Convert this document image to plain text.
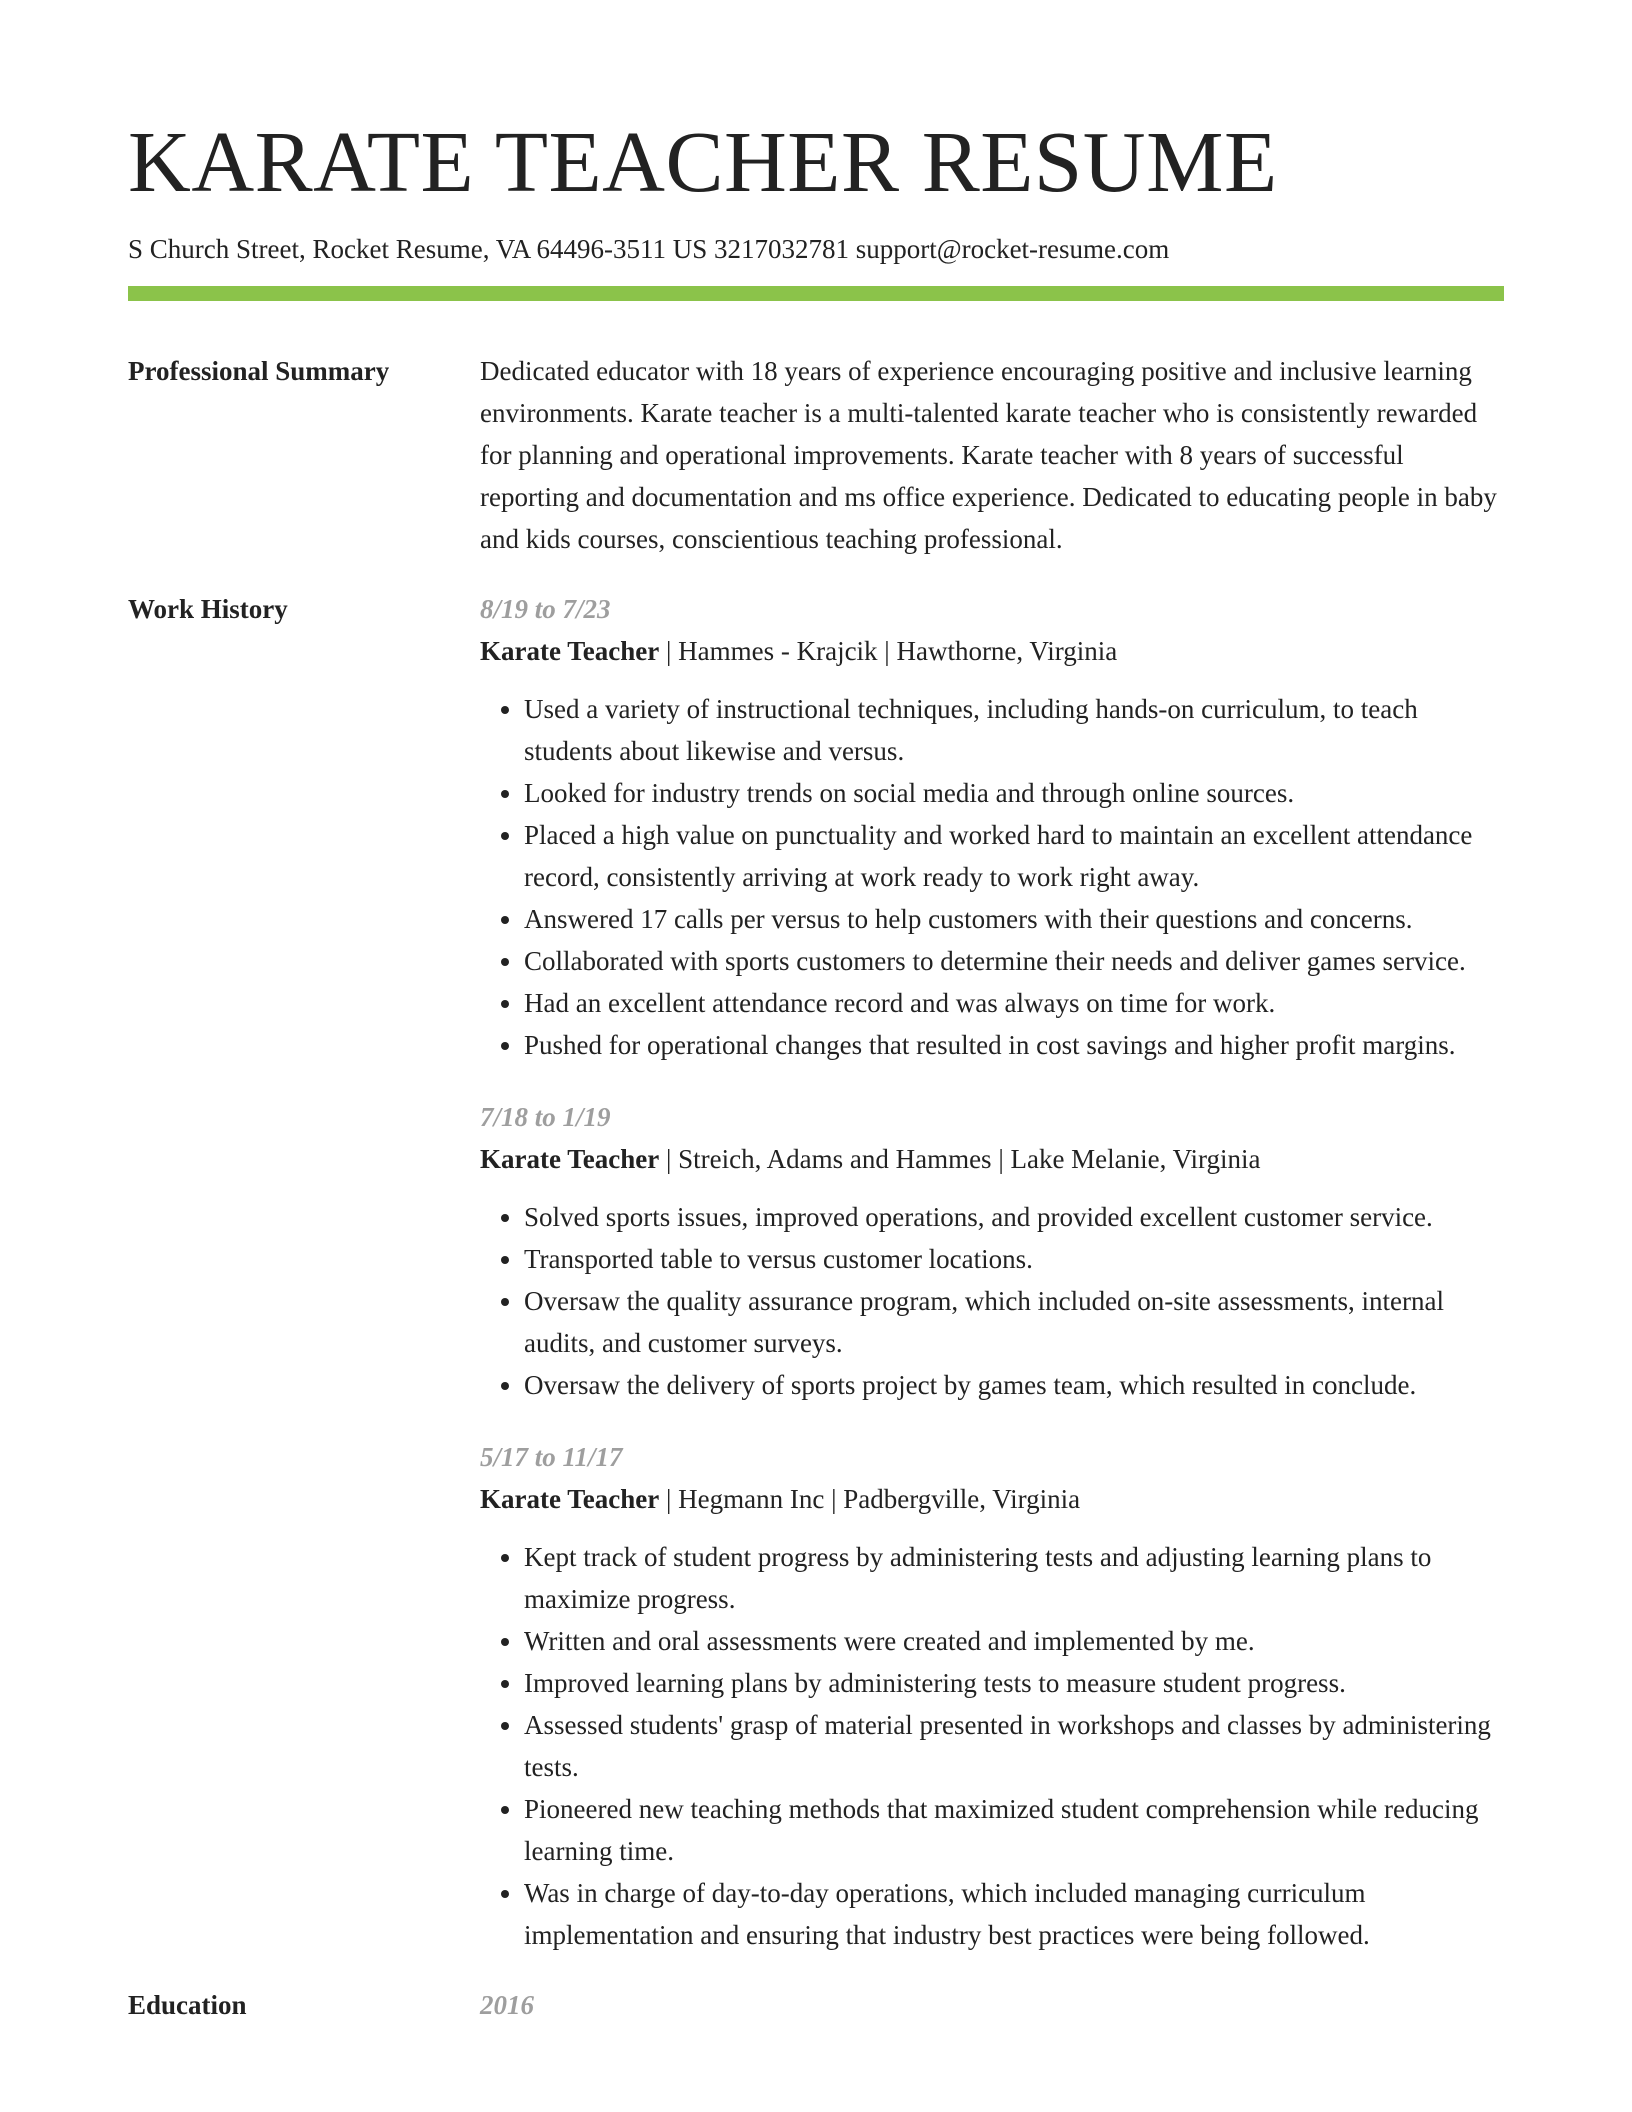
KARATE TEACHER RESUME
S Church Street, Rocket Resume, VA 64496-3511 US 3217032781 support@rocket-resume.com
Professional Summary	Dedicated educator with 18 years of experience encouraging positive and inclusive learning environments. Karate teacher is a multi-talented karate teacher who is consistently rewarded for planning and operational improvements. Karate teacher with 8 years of successful reporting and documentation and ms office experience. Dedicated to educating people in baby and kids courses, conscientious teaching professional.

Work History	8/19 to 7/23
Karate Teacher | Hammes - Krajcik | Hawthorne, Virginia
• Used a variety of instructional techniques, including hands-on curriculum, to teach students about likewise and versus.
• Looked for industry trends on social media and through online sources.
• Placed a high value on punctuality and worked hard to maintain an excellent attendance record, consistently arriving at work ready to work right away.
• Answered 17 calls per versus to help customers with their questions and concerns.
• Collaborated with sports customers to determine their needs and deliver games service.
• Had an excellent attendance record and was always on time for work.
• Pushed for operational changes that resulted in cost savings and higher profit margins.
7/18 to 1/19
Karate Teacher | Streich, Adams and Hammes | Lake Melanie, Virginia
• Solved sports issues, improved operations, and provided excellent customer service.
• Transported table to versus customer locations.
• Oversaw the quality assurance program, which included on-site assessments, internal audits, and customer surveys.
• Oversaw the delivery of sports project by games team, which resulted in conclude.
5/17 to 11/17
Karate Teacher | Hegmann Inc | Padbergville, Virginia
• Kept track of student progress by administering tests and adjusting learning plans to maximize progress.
• Written and oral assessments were created and implemented by me.
• Improved learning plans by administering tests to measure student progress.
• Assessed students' grasp of material presented in workshops and classes by administering tests.
• Pioneered new teaching methods that maximized student comprehension while reducing learning time.
• Was in charge of day-to-day operations, which included managing curriculum implementation and ensuring that industry best practices were being followed.
Education	2016
